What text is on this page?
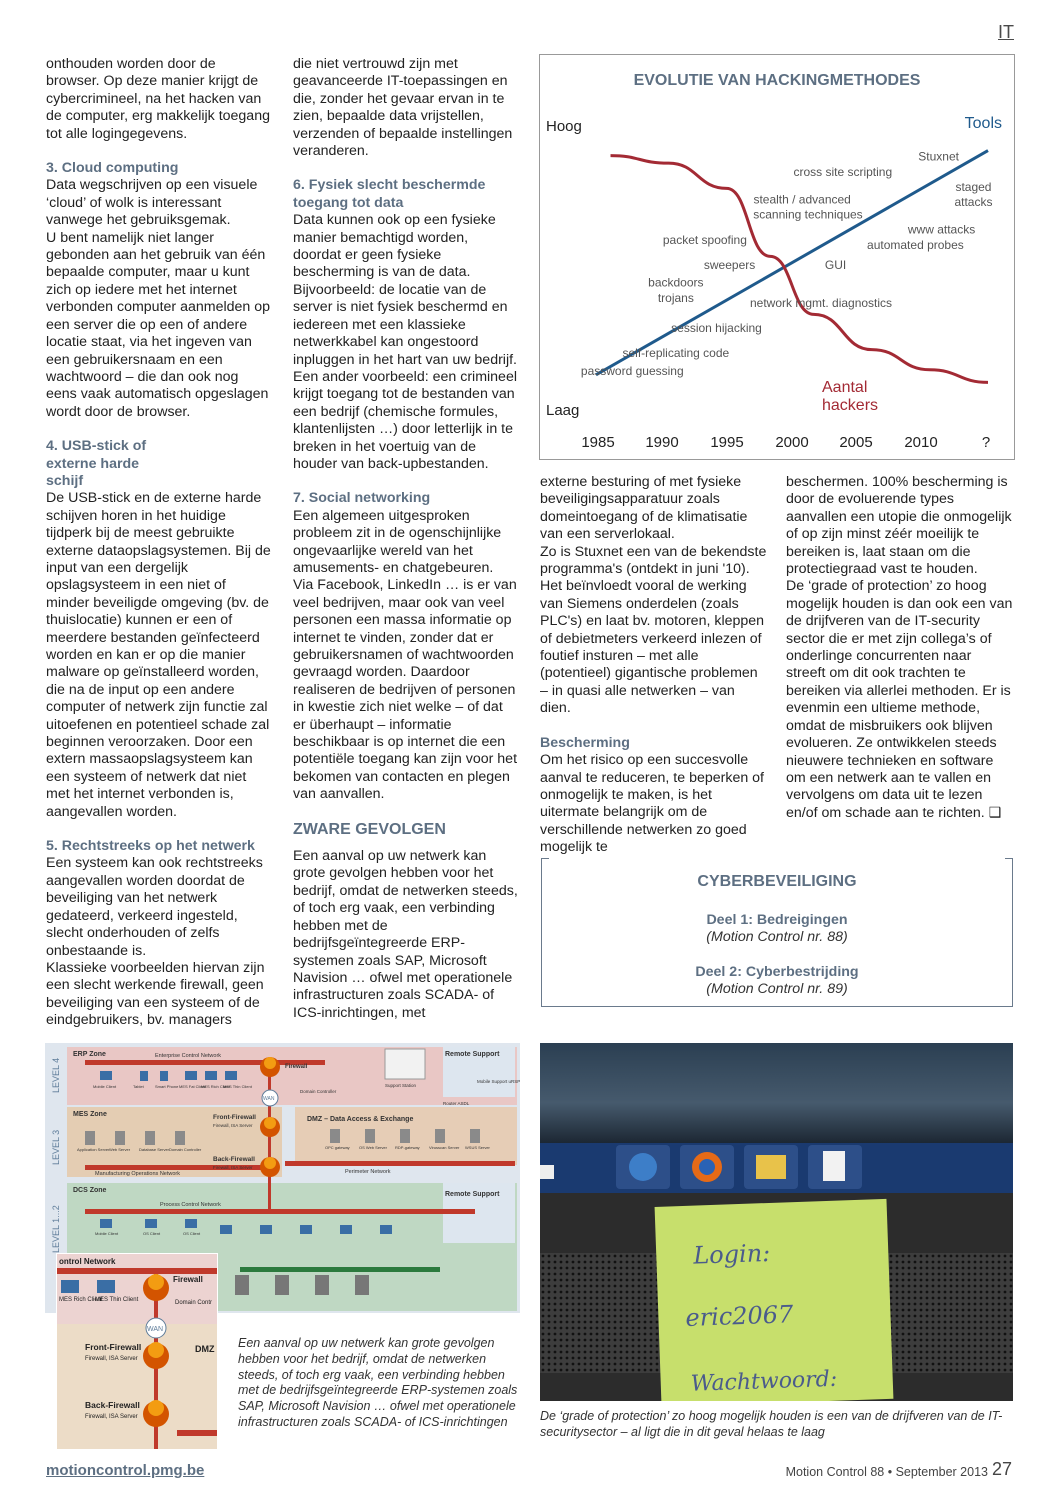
IT

onthouden worden door de browser. Op deze manier krijgt de cybercrimineel, na het hacken van de computer, erg makkelijk toegang tot alle logingegevens.

3. Cloud computing

Data wegschrijven op een visuele ‘cloud’ of wolk is interessant vanwege het gebruiksgemak.

U bent namelijk niet langer gebonden aan het gebruik van één bepaalde computer, maar u kunt zich op iedere met het internet verbonden computer aanmelden op een server die op een of andere locatie staat, via het ingeven van een gebruikersnaam en een wachtwoord – die dan ook nog eens vaak automatisch opgeslagen wordt door de browser.

4. USB-stick of externe harde schijf

De USB-stick en de externe harde schijven horen in het huidige tijdperk bij de meest gebruikte externe dataopslagsystemen. Bij de input van een dergelijk opslagsysteem in een niet of minder beveiligde omgeving (bv. de thuislocatie) kunnen er een of meerdere bestanden geïnfecteerd worden en kan er op die manier malware op geïnstalleerd worden, die na de input op een andere computer of netwerk zijn functie zal uitoefenen en potentieel schade zal beginnen veroorzaken. Door een extern massaopslagsysteem kan een systeem of netwerk dat niet met het internet verbonden is, aangevallen worden.

5. Rechtstreeks op het netwerk

Een systeem kan ook rechtstreeks aangevallen worden doordat de beveiliging van het netwerk gedateerd, verkeerd ingesteld, slecht onderhouden of zelfs onbestaande is.

Klassieke voorbeelden hiervan zijn een slecht werkende firewall, geen beveiliging van een systeem of de eindgebruikers, bv. managers

die niet vertrouwd zijn met geavanceerde IT-toepassingen en die, zonder het gevaar ervan in te zien, bepaalde data vrijstellen, verzenden of bepaalde instellingen veranderen.

6. Fysiek slecht beschermde toegang tot data

Data kunnen ook op een fysieke manier bemachtigd worden, doordat er geen fysieke bescherming is van de data. Bijvoorbeeld: de locatie van de server is niet fysiek beschermd en iedereen met een klassieke netwerkkabel kan ongestoord inpluggen in het hart van uw bedrijf. Een ander voorbeeld: een crimineel krijgt toegang tot de bestanden van een bedrijf (chemische formules, klantenlijsten …) door letterlijk in te breken in het voertuig van de houder van back-upbestanden.

7. Social networking

Een algemeen uitgesproken probleem zit in de ogenschijnlijke ongevaarlijke wereld van het amusements- en chatgebeuren.

Via Facebook, LinkedIn … is er van veel bedrijven, maar ook van veel personen een massa informatie op internet te vinden, zonder dat er gebruikersnamen of wachtwoorden gevraagd worden. Daardoor realiseren de bedrijven of personen in kwestie zich niet welke – of dat er überhaupt – informatie beschikbaar is op internet die een potentiële toegang kan zijn voor het bekomen van contacten en plegen van aanvallen.

ZWARE GEVOLGEN

Een aanval op uw netwerk kan grote gevolgen hebben voor het bedrijf, omdat de netwerken steeds, of toch erg vaak, een verbinding hebben met de bedrijfsgeïntegreerde ERP-systemen zoals SAP, Microsoft Navision … ofwel met operationele infrastructuren zoals SCADA- of ICS-inrichtingen, met

externe besturing of met fysieke beveiligingsapparatuur zoals domeintoegang of de klimatisatie van een serverlokaal.

Zo is Stuxnet een van de bekendste programma's (ontdekt in juni '10). Het beïnvloedt vooral de werking van Siemens onderdelen (zoals PLC's) en laat bv. motoren, kleppen of debietmeters verkeerd inlezen of foutief insturen – met alle (potentieel) gigantische problemen – in quasi alle netwerken – van dien.

Bescherming

Om het risico op een succesvolle aanval te reduceren, te beperken of onmogelijk te maken, is het uitermate belangrijk om de verschillende netwerken zo goed mogelijk te

beschermen. 100% bescherming is door de evoluerende types aanvallen een utopie die onmogelijk of op zijn minst zéér moeilijk te bereiken is, laat staan om die protectiegraad vast te houden.

De ‘grade of protection’ zo hoog mogelijk houden is dan ook een van de drijfveren van de IT-security sector die er met zijn collega’s of onderlinge concurrenten naar streeft om dit ook trachten te bereiken via allerlei methoden. Er is evenmin een ultieme methode, omdat de misbruikers ook blijven evolueren. Ze ontwikkelen steeds nieuwere technieken en software om een netwerk aan te vallen en vervolgens om data uit te lezen en/of om schade aan te richten. ❑

EVOLUTIE VAN HACKINGMETHODES
Hoog
Laag
1985 1990 1995 2000 2005 2010	?
Tools
Aantal
hackers
Stuxnet
cross site scripting
staged
attacks
stealth / advanced
scanning techniques
www attacks
packet spoofing	automated probes
sweepers	GUI
backdoors
trojans	network mgmt. diagnostics
session hijacking
self-replicating code
password guessing
CYBERBEVEILIGING
Deel 1: Bedreigingen
(Motion Control nr. 88)
Deel 2: Cyberbestrijding
(Motion Control nr. 89)
LEVEL 4
LEVEL 3
LEVEL 1...2
ERP Zone
MES Zone
DCS Zone
DMZ – Data Access & Exchange
Enterprise Control Network
Manufacturing Operations Network	Perimeter Network
Process Control Network
Firewall
Front-Firewall
Firewall, ISA Server
Back-Firewall
Firewall, ISA Server
WAN
Remote Support
Remote Support
Support Station
Router ASDL
Mobile Support uRSP
Domain Controller
Mobile Client	Tablet	Smart Phone MES Fat Client
MES Rich Client
MES Thin Client
Application Server Web Server Database Server Domain Controller	OPC gateway OS Web Server RDP-gateway Virusscan Server WSUS Server
Mobile Client	OS Client	OS Client
ontrol Network
Firewall
MES Rich Client
MES Thin Client	Domain Contr
WAN
Front-Firewall
Firewall, ISA Server
DMZ
Back-Firewall
Firewall, ISA Server
Een aanval op uw netwerk kan grote gevolgen hebben voor het bedrijf, omdat de netwerken steeds, of toch erg vaak, een verbinding hebben met de bedrijfsgeïntegreerde ERP-systemen zoals SAP, Microsoft Navision … ofwel met operationele infrastructuren zoals SCADA- of ICS-inrichtingen
Login:
eric2067
Wachtwoord:
De ‘grade of protection’ zo hoog mogelijk houden is een van de drijfveren van de IT-securitysector – al ligt die in dit geval helaas te laag
motioncontrol.pmg.be	Motion Control 88 • September 2013 27
